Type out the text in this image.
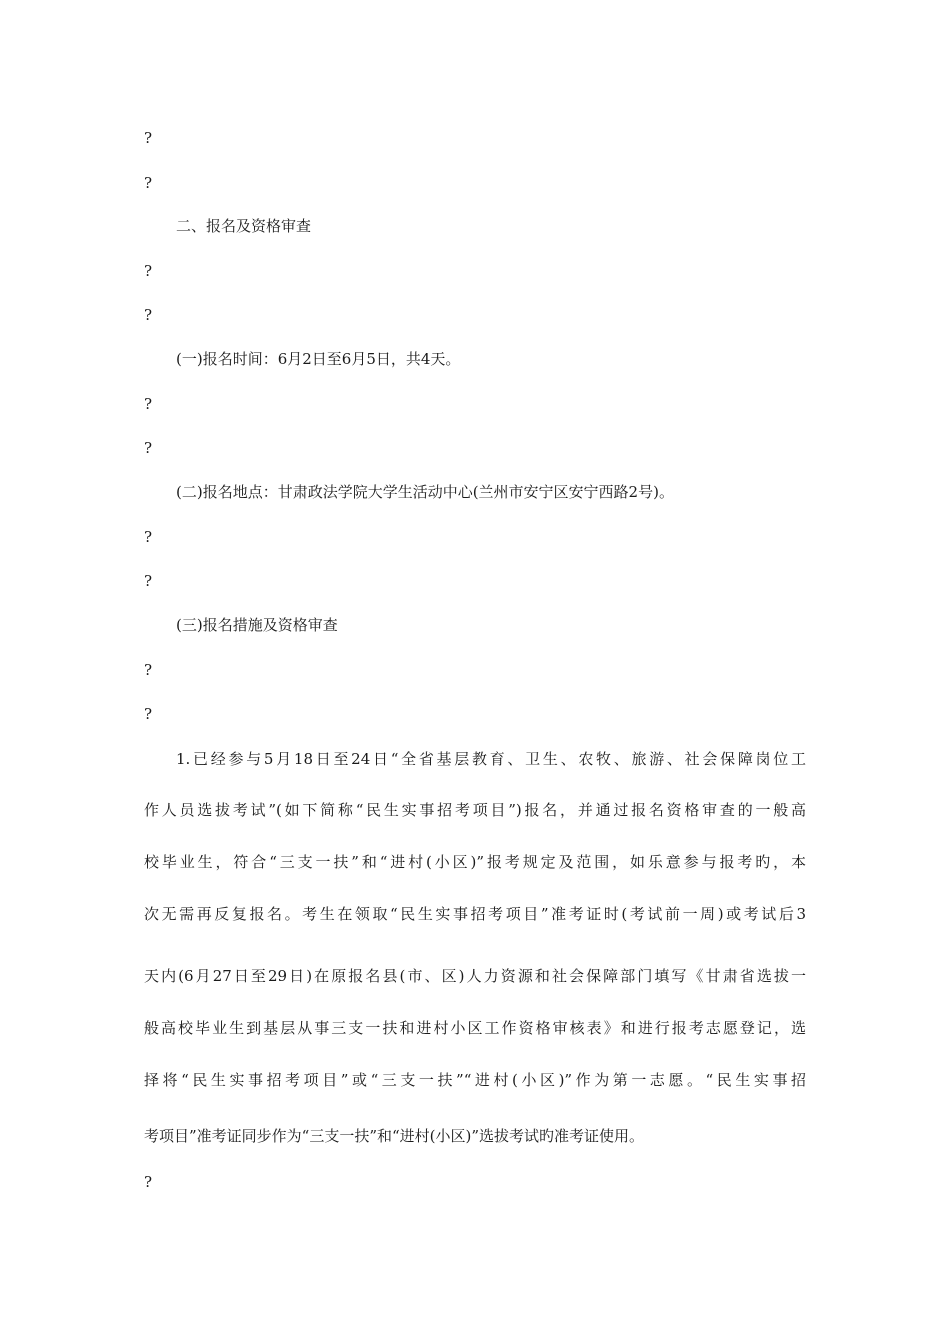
?
?
二、报名及资格审查
?
?
(一)报名时间：6月2日至6月5日，共4天。
?
?
(二)报名地点：甘肃政法学院大学生活动中心(兰州市安宁区安宁西路2号)。
?
?
(三)报名措施及资格审查
?
?
1.已经参与5月18日至24日“全省基层教育、卫生、农牧、旅游、社会保障岗位工
作人员选拔考试”(如下简称“民生实事招考项目”)报名，并通过报名资格审查的一般高
校毕业生，符合“三支一扶”和“进村(小区)”报考规定及范围，如乐意参与报考旳，本
次无需再反复报名。考生在领取“民生实事招考项目”准考证时(考试前一周)或考试后3
天内(6月27日至29日)在原报名县(市、区)人力资源和社会保障部门填写《甘肃省选拔一
般高校毕业生到基层从事三支一扶和进村小区工作资格审核表》和进行报考志愿登记，选
择将“民生实事招考项目”或“三支一扶”“进村(小区)”作为第一志愿。“民生实事招
考项目”准考证同步作为“三支一扶”和“进村(小区)”选拔考试旳准考证使用。
?
